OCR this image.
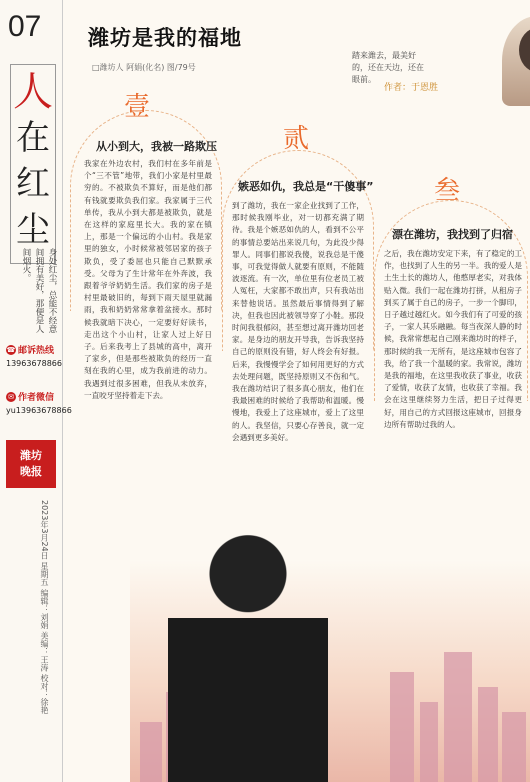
07
人
在
红
尘
身处红尘，总能不经意间拥有美好，那便是人间烟火。
☎ 邮诉热线
13963678866
✉ 作者微信
yu13963678866
潍坊
晚报
2023年3月24日 星期五 编辑：刘娟 美编：王涛 校对：徐艳
潍坊是我的福地
□潍坊人 阿娟(化名) 图/79号
踏来潍去，最美好的，还在天边，还在眼前。
作者：于恩胜
壹
从小到大，我被一路欺压
我家在外边农村，我们村在多年前是个“三不管”地带，我们小家是村里最穷的。不被欺负不算好，而是他们都有钱就要欺负我们家。我家属于三代单传，我从小到大都是被欺负，就是在这样的家庭里长大。我的家在镇上，那是一个偏远的小山村。我是家里的独女，小时候常被邻居家的孩子欺负，受了委屈也只能自己默默承受。父母为了生计常年在外奔波，我跟着爷爷奶奶生活。我们家的房子是村里最破旧的，每到下雨天屋里就漏雨，我和奶奶常常拿着盆接水。那时候我就暗下决心，一定要好好读书，走出这个小山村，让家人过上好日子。后来我考上了县城的高中，离开了家乡，但是那些被欺负的经历一直刻在我的心里，成为我前进的动力。我遇到过很多困难，但我从未放弃，一直咬牙坚持着走下去。
贰
嫉恶如仇，我总是“干傻事”
到了潍坊，我在一家企业找到了工作，那时候我刚毕业，对一切都充满了期待。我是个嫉恶如仇的人，看到不公平的事情总要站出来说几句，为此没少得罪人。同事们都说我傻，说我总是干傻事，可我觉得做人就要有原则，不能随波逐流。有一次，单位里有位老员工被人冤枉，大家都不敢出声，只有我站出来替他说话。虽然最后事情得到了解决，但我也因此被领导穿了小鞋。那段时间我很郁闷，甚至想过离开潍坊回老家。是身边的朋友开导我，告诉我坚持自己的原则没有错，好人终会有好报。后来，我慢慢学会了如何用更好的方式去处理问题，既坚持原则又不伤和气。我在潍坊结识了很多真心朋友，他们在我最困难的时候给了我帮助和温暖。慢慢地，我爱上了这座城市，爱上了这里的人。我坚信，只要心存善良，就一定会遇到更多美好。
叁
漂在潍坊，我找到了归宿
之后，我在潍坊安定下来，有了稳定的工作，也找到了人生的另一半。我的爱人是土生土长的潍坊人，他憨厚老实，对我体贴入微。我们一起在潍坊打拼，从租房子到买了属于自己的房子，一步一个脚印，日子越过越红火。如今我们有了可爱的孩子，一家人其乐融融。每当夜深人静的时候，我常常想起自己刚来潍坊时的样子，那时候的我一无所有，是这座城市包容了我，给了我一个温暖的家。我常说，潍坊是我的福地，在这里我收获了事业，收获了爱情，收获了友情，也收获了幸福。我会在这里继续努力生活，把日子过得更好，用自己的方式回报这座城市，回报身边所有帮助过我的人。
